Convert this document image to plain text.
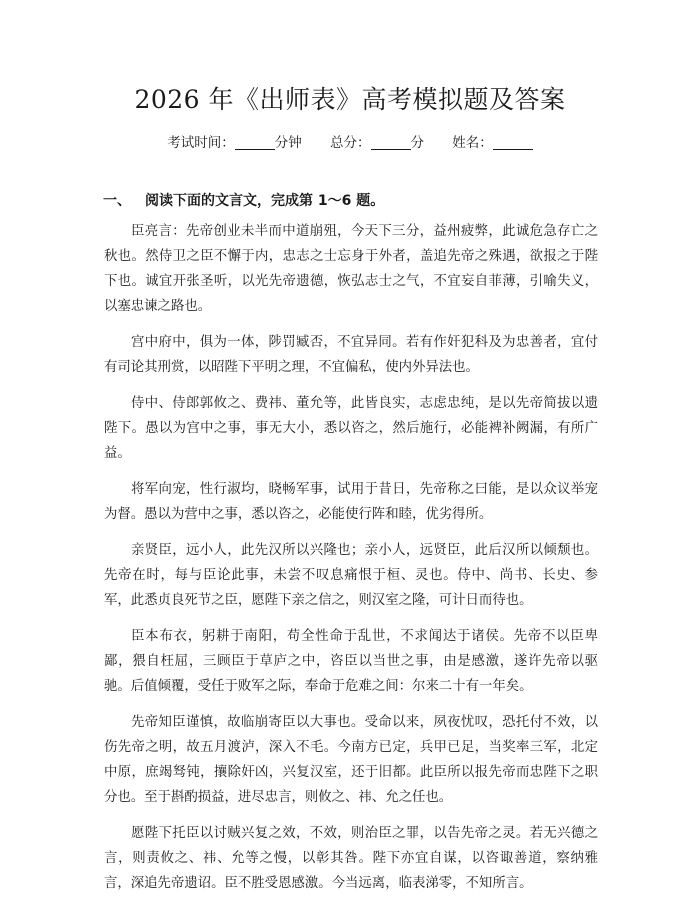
2026 年《出师表》高考模拟题及答案
考试时间：	分钟 总分：	分 姓名：
一、 阅读下面的文言文，完成第 1～6 题。

臣亮言：先帝创业未半而中道崩殂，今天下三分，益州疲弊，此诚危急存亡之秋也。然侍卫之臣不懈于内，忠志之士忘身于外者，盖追先帝之殊遇，欲报之于陛下也。诚宜开张圣听，以光先帝遗德，恢弘志士之气，不宜妄自菲薄，引喻失义，以塞忠谏之路也。

宫中府中，俱为一体，陟罚臧否，不宜异同。若有作奸犯科及为忠善者，宜付有司论其刑赏，以昭陛下平明之理，不宜偏私，使内外异法也。

侍中、侍郎郭攸之、费祎、董允等，此皆良实，志虑忠纯，是以先帝简拔以遗陛下。愚以为宫中之事，事无大小，悉以咨之，然后施行，必能裨补阙漏，有所广益。

将军向宠，性行淑均，晓畅军事，试用于昔日，先帝称之曰能，是以众议举宠为督。愚以为营中之事，悉以咨之，必能使行阵和睦，优劣得所。

亲贤臣，远小人，此先汉所以兴隆也；亲小人，远贤臣，此后汉所以倾颓也。先帝在时，每与臣论此事，未尝不叹息痛恨于桓、灵也。侍中、尚书、长史、参军，此悉贞良死节之臣，愿陛下亲之信之，则汉室之隆，可计日而待也。

臣本布衣，躬耕于南阳，苟全性命于乱世，不求闻达于诸侯。先帝不以臣卑鄙，猥自枉屈，三顾臣于草庐之中，咨臣以当世之事，由是感激，遂许先帝以驱驰。后值倾覆，受任于败军之际，奉命于危难之间：尔来二十有一年矣。

先帝知臣谨慎，故临崩寄臣以大事也。受命以来，夙夜忧叹，恐托付不效，以伤先帝之明，故五月渡泸，深入不毛。今南方已定，兵甲已足，当奖率三军，北定中原，庶竭驽钝，攘除奸凶，兴复汉室，还于旧都。此臣所以报先帝而忠陛下之职分也。至于斟酌损益，进尽忠言，则攸之、祎、允之任也。

愿陛下托臣以讨贼兴复之效，不效，则治臣之罪，以告先帝之灵。若无兴德之言，则责攸之、祎、允等之慢，以彰其咎。陛下亦宜自谋，以咨诹善道，察纳雅言，深追先帝遗诏。臣不胜受恩感激。今当远离，临表涕零，不知所言。
